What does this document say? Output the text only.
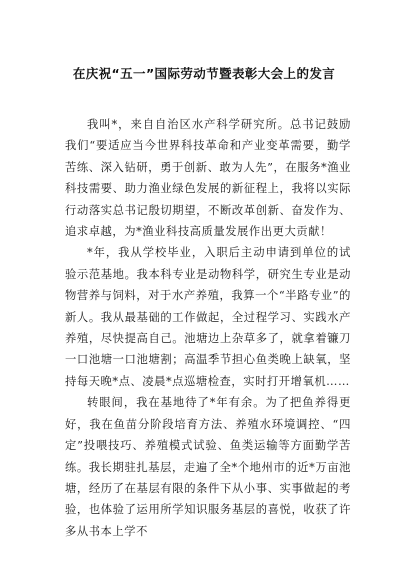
在庆祝“五一”国际劳动节暨表彰大会上的发言

我叫*，来自自治区水产科学研究所。总书记鼓励我们“要适应当今世界科技革命和产业变革需要，勤学苦练、深入钻研，勇于创新、敢为人先”，在服务*渔业科技需要、助力渔业绿色发展的新征程上，我将以实际行动落实总书记殷切期望，不断改革创新、奋发作为、追求卓越，为*渔业科技高质量发展作出更大贡献！

*年，我从学校毕业，入职后主动申请到单位的试验示范基地。我本科专业是动物科学，研究生专业是动物营养与饲料，对于水产养殖，我算一个“半路专业”的新人。我从最基础的工作做起，全过程学习、实践水产养殖，尽快提高自己。池塘边上杂草多了，就拿着镰刀一口池塘一口池塘割；高温季节担心鱼类晚上缺氧，坚持每天晚*点、凌晨*点巡塘检查，实时打开增氧机……

转眼间，我在基地待了*年有余。为了把鱼养得更好，我在鱼苗分阶段培育方法、养殖水环境调控、“四定”投喂技巧、养殖模式试验、鱼类运输等方面勤学苦练。我长期驻扎基层，走遍了全*个地州市的近*万亩池塘，经历了在基层有限的条件下从小事、实事做起的考验，也体验了运用所学知识服务基层的喜悦，收获了许多从书本上学不
